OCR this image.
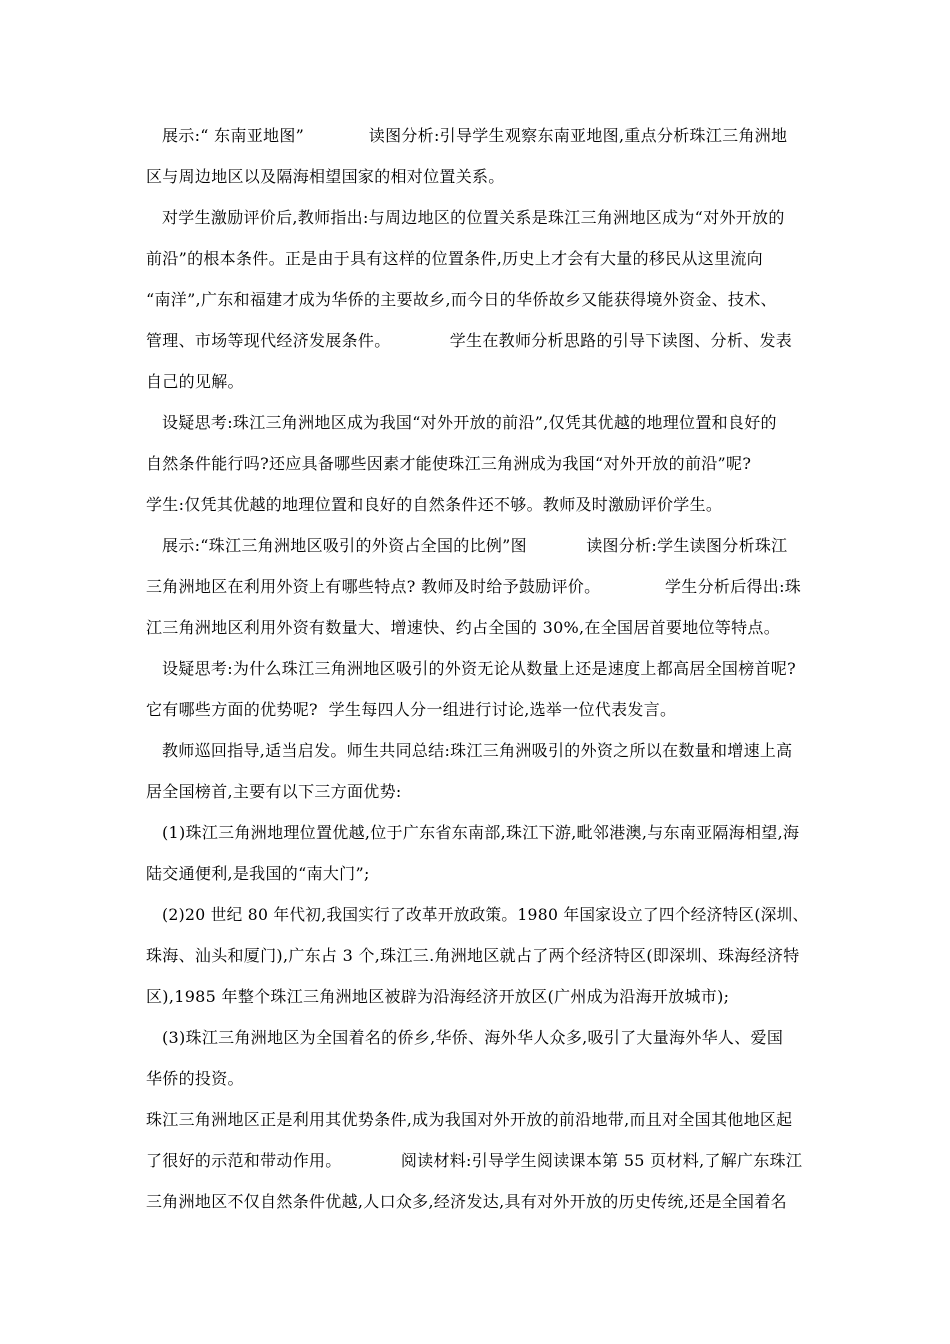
展示:“ 东南亚地图”            读图分析:引导学生观察东南亚地图,重点分析珠江三角洲地
区与周边地区以及隔海相望国家的相对位置关系。
对学生激励评价后,教师指出:与周边地区的位置关系是珠江三角洲地区成为“对外开放的
前沿”的根本条件。正是由于具有这样的位置条件,历史上才会有大量的移民从这里流向
“南洋”,广东和福建才成为华侨的主要故乡,而今日的华侨故乡又能获得境外资金、技术、
管理、市场等现代经济发展条件。           学生在教师分析思路的引导下读图、分析、发表
自己的见解。
设疑思考:珠江三角洲地区成为我国“对外开放的前沿”,仅凭其优越的地理位置和良好的
自然条件能行吗?还应具备哪些因素才能使珠江三角洲成为我国“对外开放的前沿”呢?
学生:仅凭其优越的地理位置和良好的自然条件还不够。教师及时激励评价学生。
展示:“珠江三角洲地区吸引的外资占全国的比例”图           读图分析:学生读图分析珠江
三角洲地区在利用外资上有哪些特点? 教师及时给予鼓励评价。            学生分析后得出:珠
江三角洲地区利用外资有数量大、增速快、约占全国的 30%,在全国居首要地位等特点。
设疑思考:为什么珠江三角洲地区吸引的外资无论从数量上还是速度上都高居全国榜首呢?
它有哪些方面的优势呢?  学生每四人分一组进行讨论,选举一位代表发言。
教师巡回指导,适当启发。师生共同总结:珠江三角洲吸引的外资之所以在数量和增速上高
居全国榜首,主要有以下三方面优势:
(1)珠江三角洲地理位置优越,位于广东省东南部,珠江下游,毗邻港澳,与东南亚隔海相望,海
陆交通便利,是我国的“南大门”;
(2)20 世纪 80 年代初,我国实行了改革开放政策。1980 年国家设立了四个经济特区(深圳、
珠海、汕头和厦门),广东占 3 个,珠江三.角洲地区就占了两个经济特区(即深圳、珠海经济特
区),1985 年整个珠江三角洲地区被辟为沿海经济开放区(广州成为沿海开放城市);
(3)珠江三角洲地区为全国着名的侨乡,华侨、海外华人众多,吸引了大量海外华人、爱国
华侨的投资。
珠江三角洲地区正是利用其优势条件,成为我国对外开放的前沿地带,而且对全国其他地区起
了很好的示范和带动作用。           阅读材料:引导学生阅读课本第 55 页材料,了解广东珠江
三角洲地区不仅自然条件优越,人口众多,经济发达,具有对外开放的历史传统,还是全国着名
